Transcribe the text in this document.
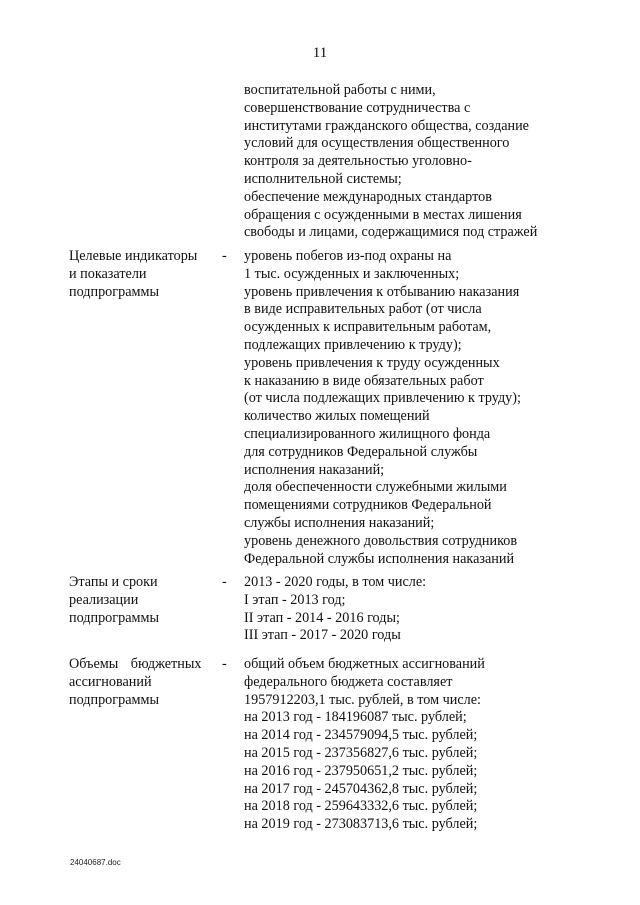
11
воспитательной работы с ними,
совершенствование сотрудничества с
институтами гражданского общества, создание
условий для осуществления общественного
контроля за деятельностью уголовно-
исполнительной системы;
обеспечение международных стандартов
обращения с осужденными в местах лишения
свободы и лицами, содержащимися под стражей
Целевые индикаторы
и показатели
подпрограммы
- уровень побегов из-под охраны на
1 тыс. осужденных и заключенных;
уровень привлечения к отбыванию наказания
в виде исправительных работ (от числа
осужденных к исправительным работам,
подлежащих привлечению к труду);
уровень привлечения к труду осужденных
к наказанию в виде обязательных работ
(от числа подлежащих привлечению к труду);
количество жилых помещений
специализированного жилищного фонда
для сотрудников Федеральной службы
исполнения наказаний;
доля обеспеченности служебными жилыми
помещениями сотрудников Федеральной
службы исполнения наказаний;
уровень денежного довольствия сотрудников
Федеральной службы исполнения наказаний
Этапы и сроки
реализации
подпрограммы
- 2013 - 2020 годы, в том числе:
I этап - 2013 год;
II этап - 2014 - 2016 годы;
III этап - 2017 - 2020 годы
Объемы бюджетных
ассигнований
подпрограммы
- общий объем бюджетных ассигнований
федерального бюджета составляет
1957912203,1 тыс. рублей, в том числе:
на 2013 год - 184196087 тыс. рублей;
на 2014 год - 234579094,5 тыс. рублей;
на 2015 год - 237356827,6 тыс. рублей;
на 2016 год - 237950651,2 тыс. рублей;
на 2017 год - 245704362,8 тыс. рублей;
на 2018 год - 259643332,6 тыс. рублей;
на 2019 год - 273083713,6 тыс. рублей;
24040687.doc
